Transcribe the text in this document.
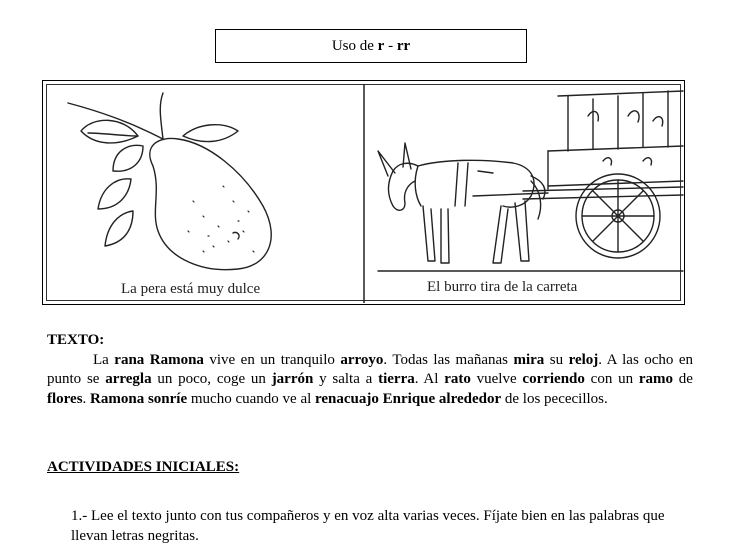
Uso de r - rr
La pera está muy dulce	El burro tira de la carreta
TEXTO:
La rana Ramona vive en un tranquilo arroyo. Todas las mañanas mira su reloj. A las ocho en punto se arregla un poco, coge un jarrón y salta a tierra. Al rato vuelve corriendo con un ramo de flores. Ramona sonríe mucho cuando ve al renacuajo Enrique alrededor de los pececillos.
ACTIVIDADES INICIALES:
1.- Lee el texto junto con tus compañeros y en voz alta varias veces. Fíjate bien en las palabras que llevan letras negritas.
